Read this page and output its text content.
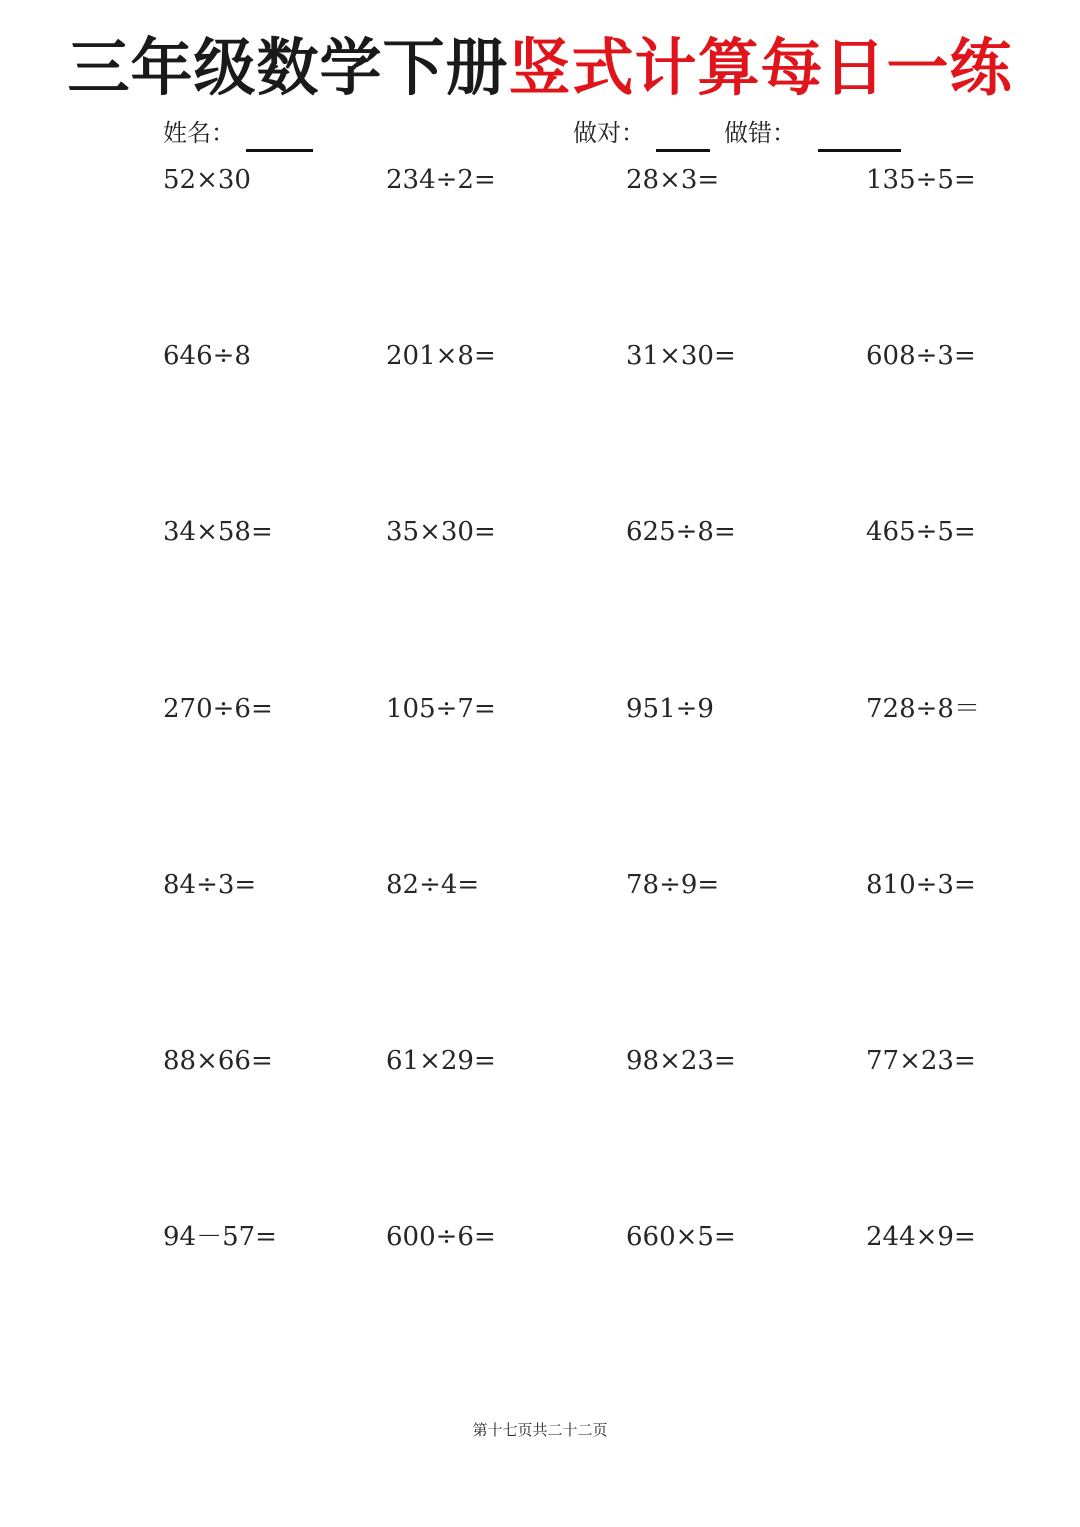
三年级数学下册竖式计算每日一练
姓名：	做对：	做错：
52×30	234÷2=	28×3=	135÷5=
646÷8	201×8=	31×30=	608÷3=
34×58=	35×30=	625÷8=	465÷5=
270÷6=	105÷7=	951÷9	728÷8＝
84÷3=	82÷4=	78÷9=	810÷3=
88×66=	61×29=	98×23=	77×23=
94－57=	600÷6=	660×5=	244×9=
第十七页共二十二页
